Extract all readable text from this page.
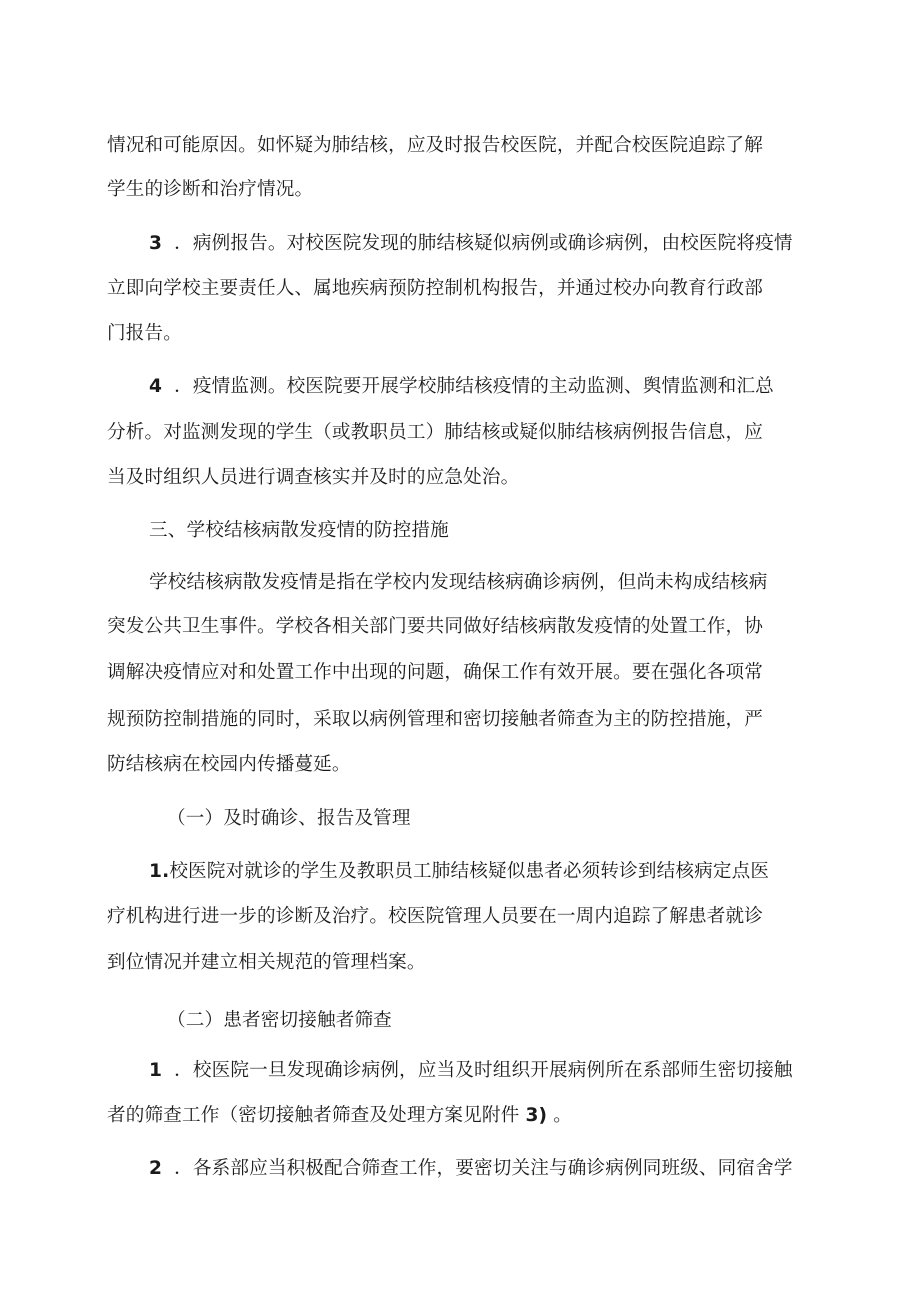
情况和可能原因。如怀疑为肺结核，应及时报告校医院，并配合校医院追踪了解
学生的诊断和治疗情况。
3 ．病例报告。对校医院发现的肺结核疑似病例或确诊病例，由校医院将疫情
立即向学校主要责任人、属地疾病预防控制机构报告，并通过校办向教育行政部
门报告。
4 ．疫情监测。校医院要开展学校肺结核疫情的主动监测、舆情监测和汇总
分析。对监测发现的学生（或教职员工）肺结核或疑似肺结核病例报告信息，应
当及时组织人员进行调查核实并及时的应急处治。
三、学校结核病散发疫情的防控措施
学校结核病散发疫情是指在学校内发现结核病确诊病例，但尚未构成结核病
突发公共卫生事件。学校各相关部门要共同做好结核病散发疫情的处置工作，协
调解决疫情应对和处置工作中出现的问题，确保工作有效开展。要在强化各项常
规预防控制措施的同时，采取以病例管理和密切接触者筛查为主的防控措施，严
防结核病在校园内传播蔓延。
（一）及时确诊、报告及管理
1.校医院对就诊的学生及教职员工肺结核疑似患者必须转诊到结核病定点医
疗机构进行进一步的诊断及治疗。校医院管理人员要在一周内追踪了解患者就诊
到位情况并建立相关规范的管理档案。
（二）患者密切接触者筛查
1 ．校医院一旦发现确诊病例，应当及时组织开展病例所在系部师生密切接触
者的筛查工作（密切接触者筛查及处理方案见附件 3) 。
2 ．各系部应当积极配合筛查工作，要密切关注与确诊病例同班级、同宿舍学
